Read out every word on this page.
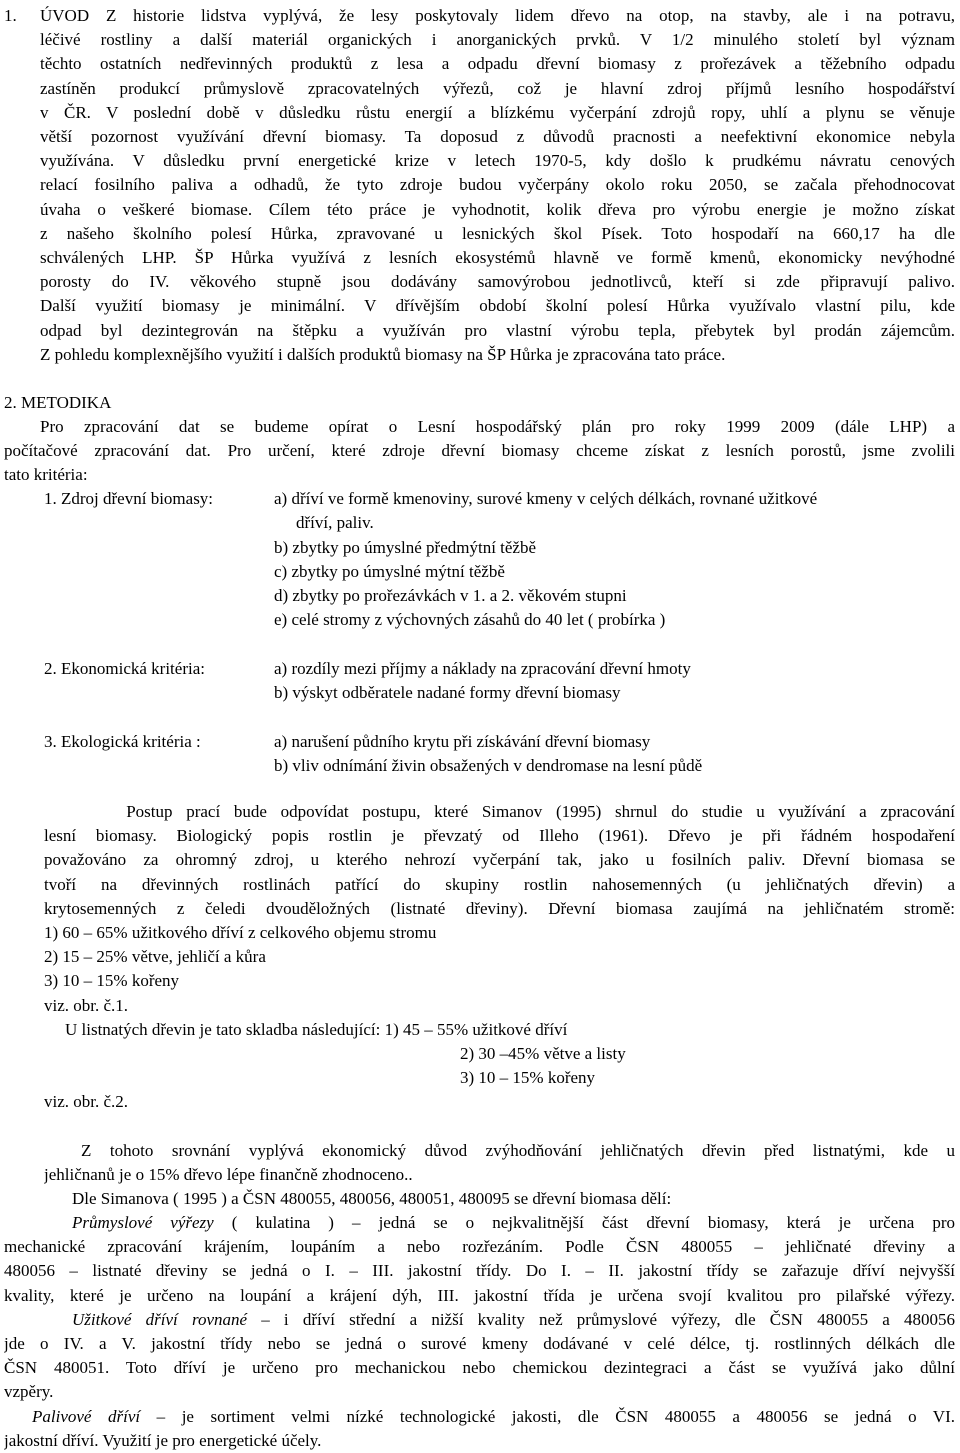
1. ÚVOD Z historie lidstva vyplývá, že lesy poskytovaly lidem dřevo na otop, na stavby, ale i na potravu,
léčivé rostliny a další materiál organických i anorganických prvků. V 1/2 minulého století byl význam
těchto ostatních nedřevinných produktů z lesa a odpadu dřevní biomasy z prořezávek a těžebního odpadu
zastíněn produkcí průmyslově zpracovatelných výřezů, což je hlavní zdroj příjmů lesního hospodářství
v ČR. V poslední době v důsledku růstu energií a blízkému vyčerpání zdrojů ropy, uhlí a plynu se věnuje
větší pozornost využívání dřevní biomasy. Ta doposud z důvodů pracnosti a neefektivní ekonomice nebyla
využívána. V důsledku první energetické krize v letech 1970-5, kdy došlo k prudkému návratu cenových
relací fosilního paliva a odhadů, že tyto zdroje budou vyčerpány okolo roku 2050, se začala přehodnocovat
úvaha o veškeré biomase. Cílem této práce je vyhodnotit, kolik dřeva pro výrobu energie je možno získat
z našeho školního polesí Hůrka, zpravované u lesnických škol Písek. Toto hospodaří na 660,17 ha dle
schválených LHP. ŠP Hůrka využívá z lesních ekosystémů hlavně ve formě kmenů, ekonomicky nevýhodné
porosty do IV. věkového stupně jsou dodávány samovýrobou jednotlivců, kteří si zde připravují palivo.
Další využití biomasy je minimální. V dřívějším období školní polesí Hůrka využívalo vlastní pilu, kde
odpad byl dezintegrován na štěpku a využíván pro vlastní výrobu tepla, přebytek byl prodán zájemcům.
Z pohledu komplexnějšího využití i dalších produktů biomasy na ŠP Hůrka je zpracována tato práce.
2. METODIKA
Pro zpracování dat se budeme opírat o Lesní hospodářský plán pro roky 1999 2009 (dále LHP) a
počítačové zpracování dat. Pro určení, které zdroje dřevní biomasy chceme získat z lesních porostů, jsme zvolili
tato kritéria:
1. Zdroj dřevní biomasy:	a) dříví ve formě kmenoviny, surové kmeny v celých délkách, rovnané užitkové
dříví, paliv.
b) zbytky po úmyslné předmýtní těžbě
c) zbytky po úmyslné mýtní těžbě
d) zbytky po prořezávkách v 1. a 2. věkovém stupni
e) celé stromy z výchovných zásahů do 40 let ( probírka )
2. Ekonomická kritéria:	a) rozdíly mezi příjmy a náklady na zpracování dřevní hmoty
b) výskyt odběratele nadané formy dřevní biomasy
3. Ekologická kritéria :	a) narušení půdního krytu při získávání dřevní biomasy
b) vliv odnímání živin obsažených v dendromase na lesní půdě
Postup prací bude odpovídat postupu, které Simanov (1995) shrnul do studie u využívání a zpracování
lesní biomasy. Biologický popis rostlin je převzatý od Illeho (1961). Dřevo je při řádném hospodaření
považováno za ohromný zdroj, u kterého nehrozí vyčerpání tak, jako u fosilních paliv. Dřevní biomasa se
tvoří na dřevinných rostlinách patřící do skupiny rostlin nahosemenných (u jehličnatých dřevin) a
krytosemenných z čeledi dvouděložných (listnaté dřeviny). Dřevní biomasa zaujímá na jehličnatém stromě:
1) 60 – 65% užitkového dříví z celkového objemu stromu
2) 15 – 25% větve, jehličí a kůra
3) 10 – 15% kořeny
viz. obr. č.1.
U listnatých dřevin je tato skladba následující: 1) 45 – 55% užitkové dříví
2) 30 –45% větve a listy
3) 10 – 15% kořeny
viz. obr. č.2.
Z tohoto srovnání vyplývá ekonomický důvod zvýhodňování jehličnatých dřevin před listnatými, kde u
jehličnanů je o 15% dřevo lépe finančně zhodnoceno..
Dle Simanova ( 1995 ) a ČSN 480055, 480056, 480051, 480095 se dřevní biomasa dělí:
Průmyslové výřezy ( kulatina ) – jedná se o nejkvalitnější část dřevní biomasy, která je určena pro
mechanické zpracování krájením, loupáním a nebo rozřezáním. Podle ČSN 480055 – jehličnaté dřeviny a
480056 – listnaté dřeviny se jedná o I. – III. jakostní třídy. Do I. – II. jakostní třídy se zařazuje dříví nejvyšší
kvality, které je určeno na loupání a krájení dýh, III. jakostní třída je určena svojí kvalitou pro pilařské výřezy.
Užitkové dříví rovnané – i dříví střední a nižší kvality než průmyslové výřezy, dle ČSN 480055 a 480056
jde o IV. a V. jakostní třídy nebo se jedná o surové kmeny dodávané v celé délce, tj. rostlinných délkách dle
ČSN 480051. Toto dříví je určeno pro mechanickou nebo chemickou dezintegraci a část se využívá jako důlní
vzpěry.
Palivové dříví – je sortiment velmi nízké technologické jakosti, dle ČSN 480055 a 480056 se jedná o VI.
jakostní dříví. Využití je pro energetické účely.
